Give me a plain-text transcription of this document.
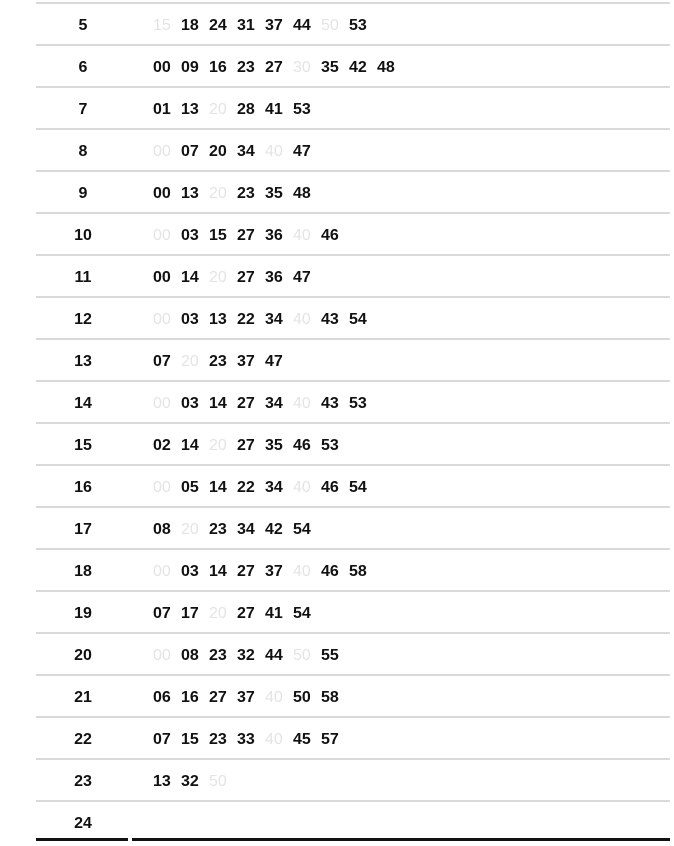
5	15 18 24 31 37 44 50 53
6	00 09 16 23 27 30 35 42 48
7	01 13 20 28 41 53
8	00 07 20 34 40 47
9	00 13 20 23 35 48
10	00 03 15 27 36 40 46
11	00 14 20 27 36 47
12	00 03 13 22 34 40 43 54
13	07 20 23 37 47
14	00 03 14 27 34 40 43 53
15	02 14 20 27 35 46 53
16	00 05 14 22 34 40 46 54
17	08 20 23 34 42 54
18	00 03 14 27 37 40 46 58
19	07 17 20 27 41 54
20	00 08 23 32 44 50 55
21	06 16 27 37 40 50 58
22	07 15 23 33 40 45 57
23	13 32 50
24
